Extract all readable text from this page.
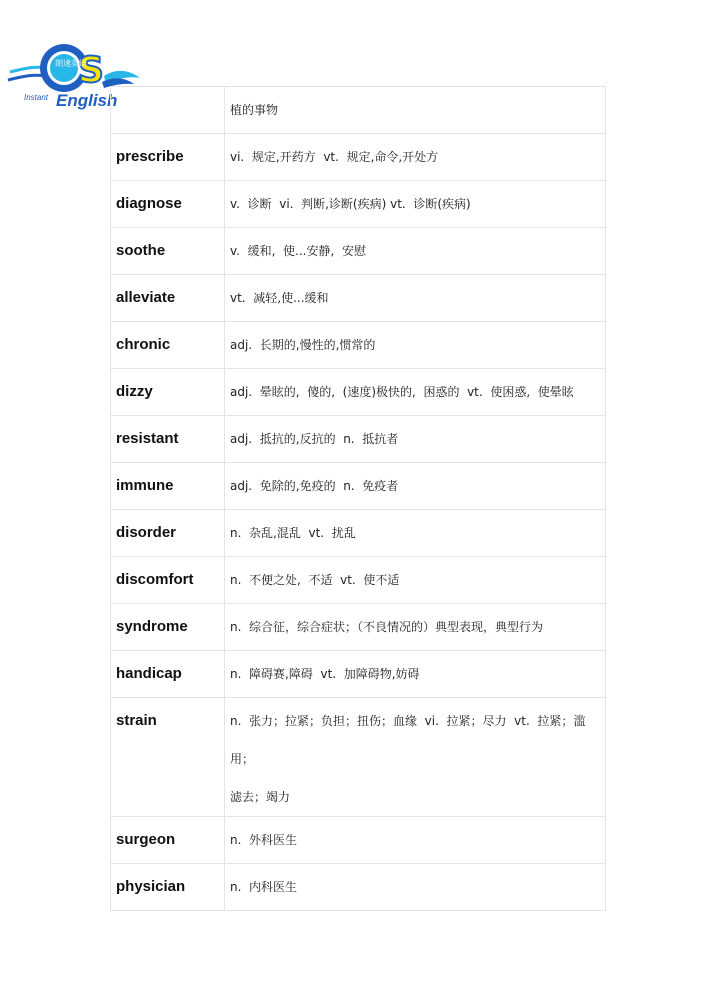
S
朗速英语
Instant English

	植的事物

prescribe	vi.  规定,开药方  vt.  规定,命令,开处方

diagnose	v.  诊断  vi.  判断,诊断(疾病) vt.  诊断(疾病)

soothe	v.  缓和,  使...安静,  安慰

alleviate	vt.  减轻,使...缓和

chronic	adj.  长期的,慢性的,惯常的

dizzy	adj.  晕眩的,  傻的,  (速度)极快的,  困惑的  vt.  使困惑,  使晕眩

resistant	adj.  抵抗的,反抗的  n.  抵抗者

immune	adj.  免除的,免疫的  n.  免疫者

disorder	n.  杂乱,混乱  vt.  扰乱

discomfort	n.  不便之处,  不适  vt.  使不适

syndrome	n.  综合征，综合症状；（不良情况的）典型表现，典型行为

handicap	n.  障碍赛,障碍  vt.  加障碍物,妨碍

strain	n.  张力；拉紧；负担；扭伤；血缘  vi.  拉紧；尽力  vt.  拉紧；滥用；
滤去；竭力

surgeon	n.  外科医生

physician	n.  内科医生
